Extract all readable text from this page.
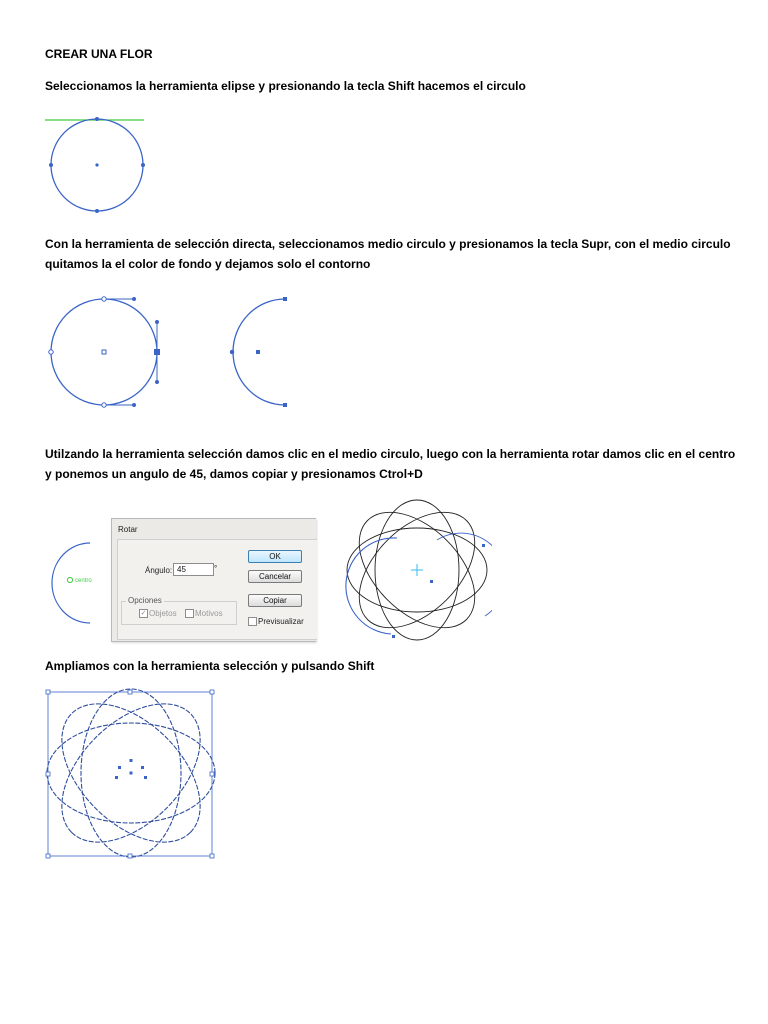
CREAR UNA FLOR

Seleccionamos la herramienta elipse y presionando la tecla Shift hacemos el circulo

Con la herramienta de selección directa, seleccionamos medio circulo y presionamos la tecla Supr, con el medio circulo

quitamos la el color de fondo y dejamos solo el contorno

Utilzando la herramienta selección damos clic en el medio circulo, luego con la herramienta rotar damos clic en el centro

y ponemos un angulo de 45, damos copiar y presionamos Ctrol+D

centro
Rotar
Ángulo: 45	°
OK
Cancelar
Copiar
Previsualizar
Opciones
✓ Objetos Motivos

Ampliamos con la herramienta selección y pulsando Shift
